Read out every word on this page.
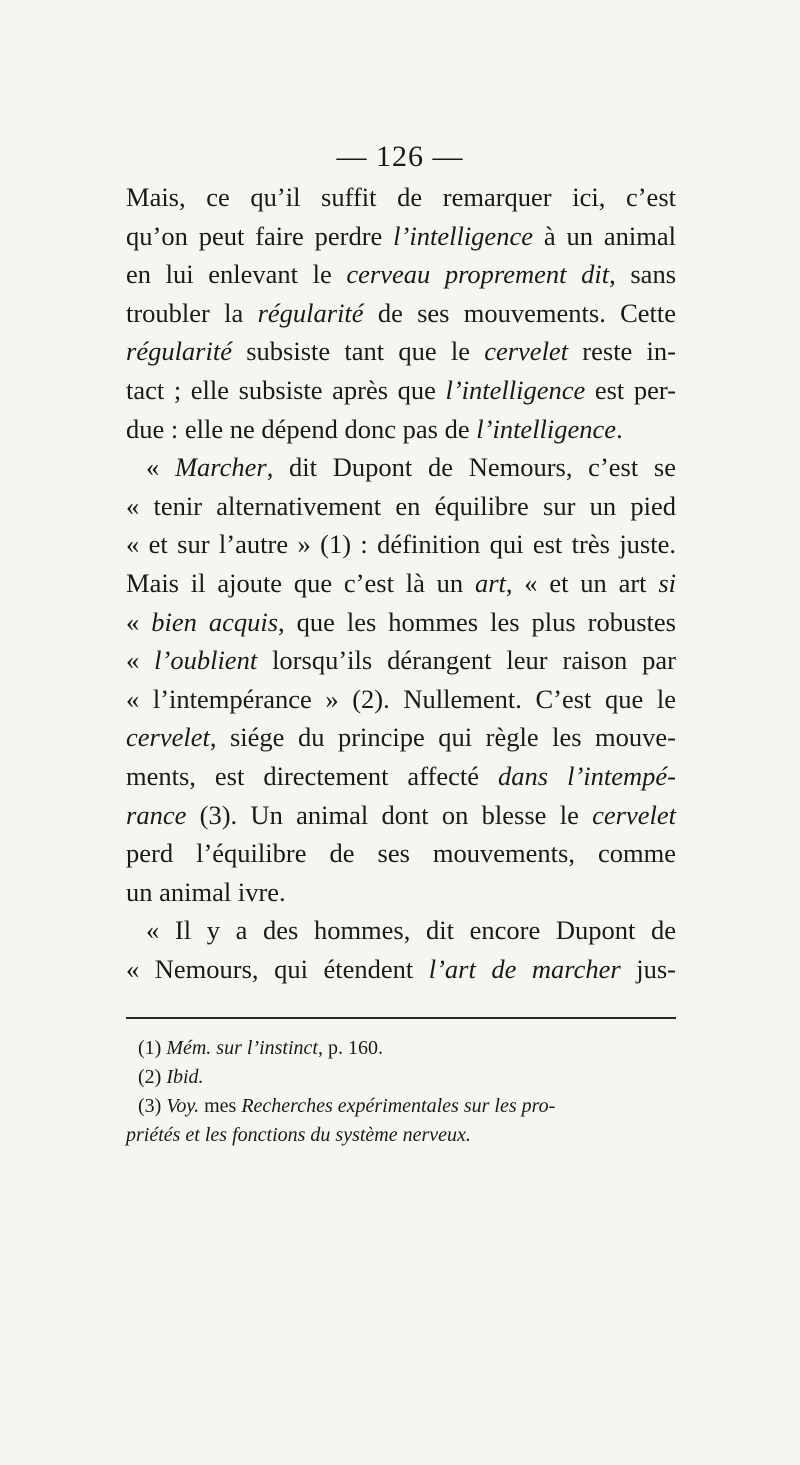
— 126 —
Mais, ce qu’il suffit de remarquer ici, c’est
qu’on peut faire perdre l’intelligence à un animal
en lui enlevant le cerveau proprement dit, sans
troubler la régularité de ses mouvements. Cette
régularité subsiste tant que le cervelet reste in-
tact ; elle subsiste après que l’intelligence est per-
due : elle ne dépend donc pas de l’intelligence.
« Marcher, dit Dupont de Nemours, c’est se
« tenir alternativement en équilibre sur un pied
« et sur l’autre » (1) : définition qui est très juste.
Mais il ajoute que c’est là un art, « et un art si
« bien acquis, que les hommes les plus robustes
« l’oublient lorsqu’ils dérangent leur raison par
« l’intempérance » (2). Nullement. C’est que le
cervelet, siége du principe qui règle les mouve-
ments, est directement affecté dans l’intempé-
rance (3). Un animal dont on blesse le cervelet
perd l’équilibre de ses mouvements, comme
un animal ivre.
« Il y a des hommes, dit encore Dupont de
« Nemours, qui étendent l’art de marcher jus-
(1) Mém. sur l’instinct, p. 160.
(2) Ibid.
(3) Voy. mes Recherches expérimentales sur les pro-
priétés et les fonctions du système nerveux.
